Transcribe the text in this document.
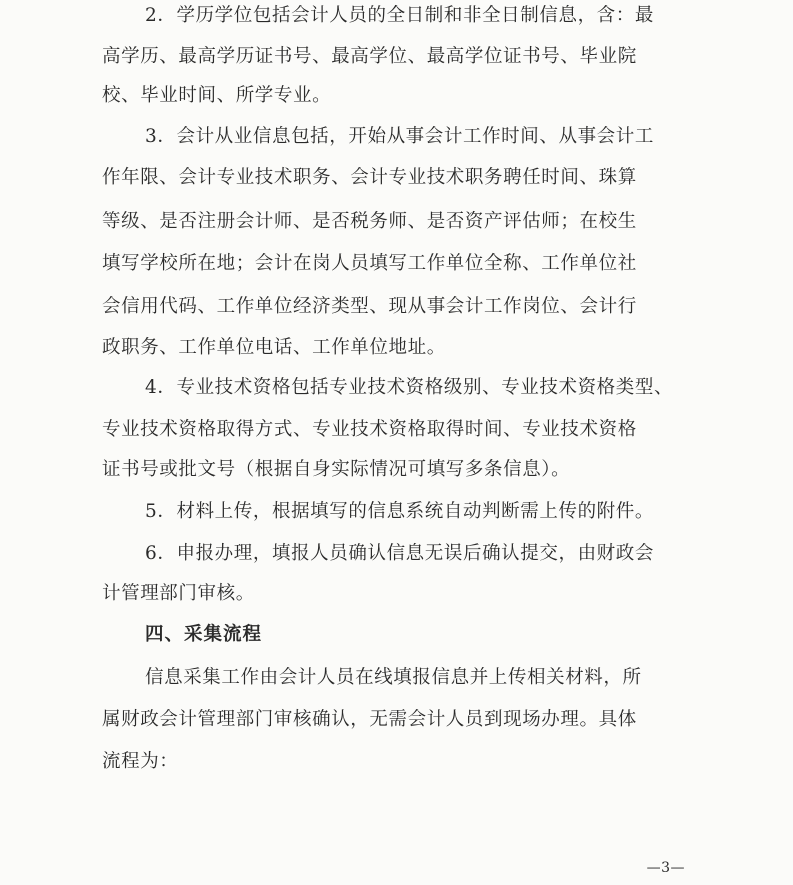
2．学历学位包括会计人员的全日制和非全日制信息，含：最
高学历、最高学历证书号、最高学位、最高学位证书号、毕业院
校、毕业时间、所学专业。
3．会计从业信息包括，开始从事会计工作时间、从事会计工
作年限、会计专业技术职务、会计专业技术职务聘任时间、珠算
等级、是否注册会计师、是否税务师、是否资产评估师；在校生
填写学校所在地；会计在岗人员填写工作单位全称、工作单位社
会信用代码、工作单位经济类型、现从事会计工作岗位、会计行
政职务、工作单位电话、工作单位地址。
4．专业技术资格包括专业技术资格级别、专业技术资格类型、
专业技术资格取得方式、专业技术资格取得时间、专业技术资格
证书号或批文号（根据自身实际情况可填写多条信息）。
5．材料上传，根据填写的信息系统自动判断需上传的附件。
6．申报办理，填报人员确认信息无误后确认提交，由财政会
计管理部门审核。
四、采集流程
信息采集工作由会计人员在线填报信息并上传相关材料，所
属财政会计管理部门审核确认，无需会计人员到现场办理。具体
流程为：
—3—
